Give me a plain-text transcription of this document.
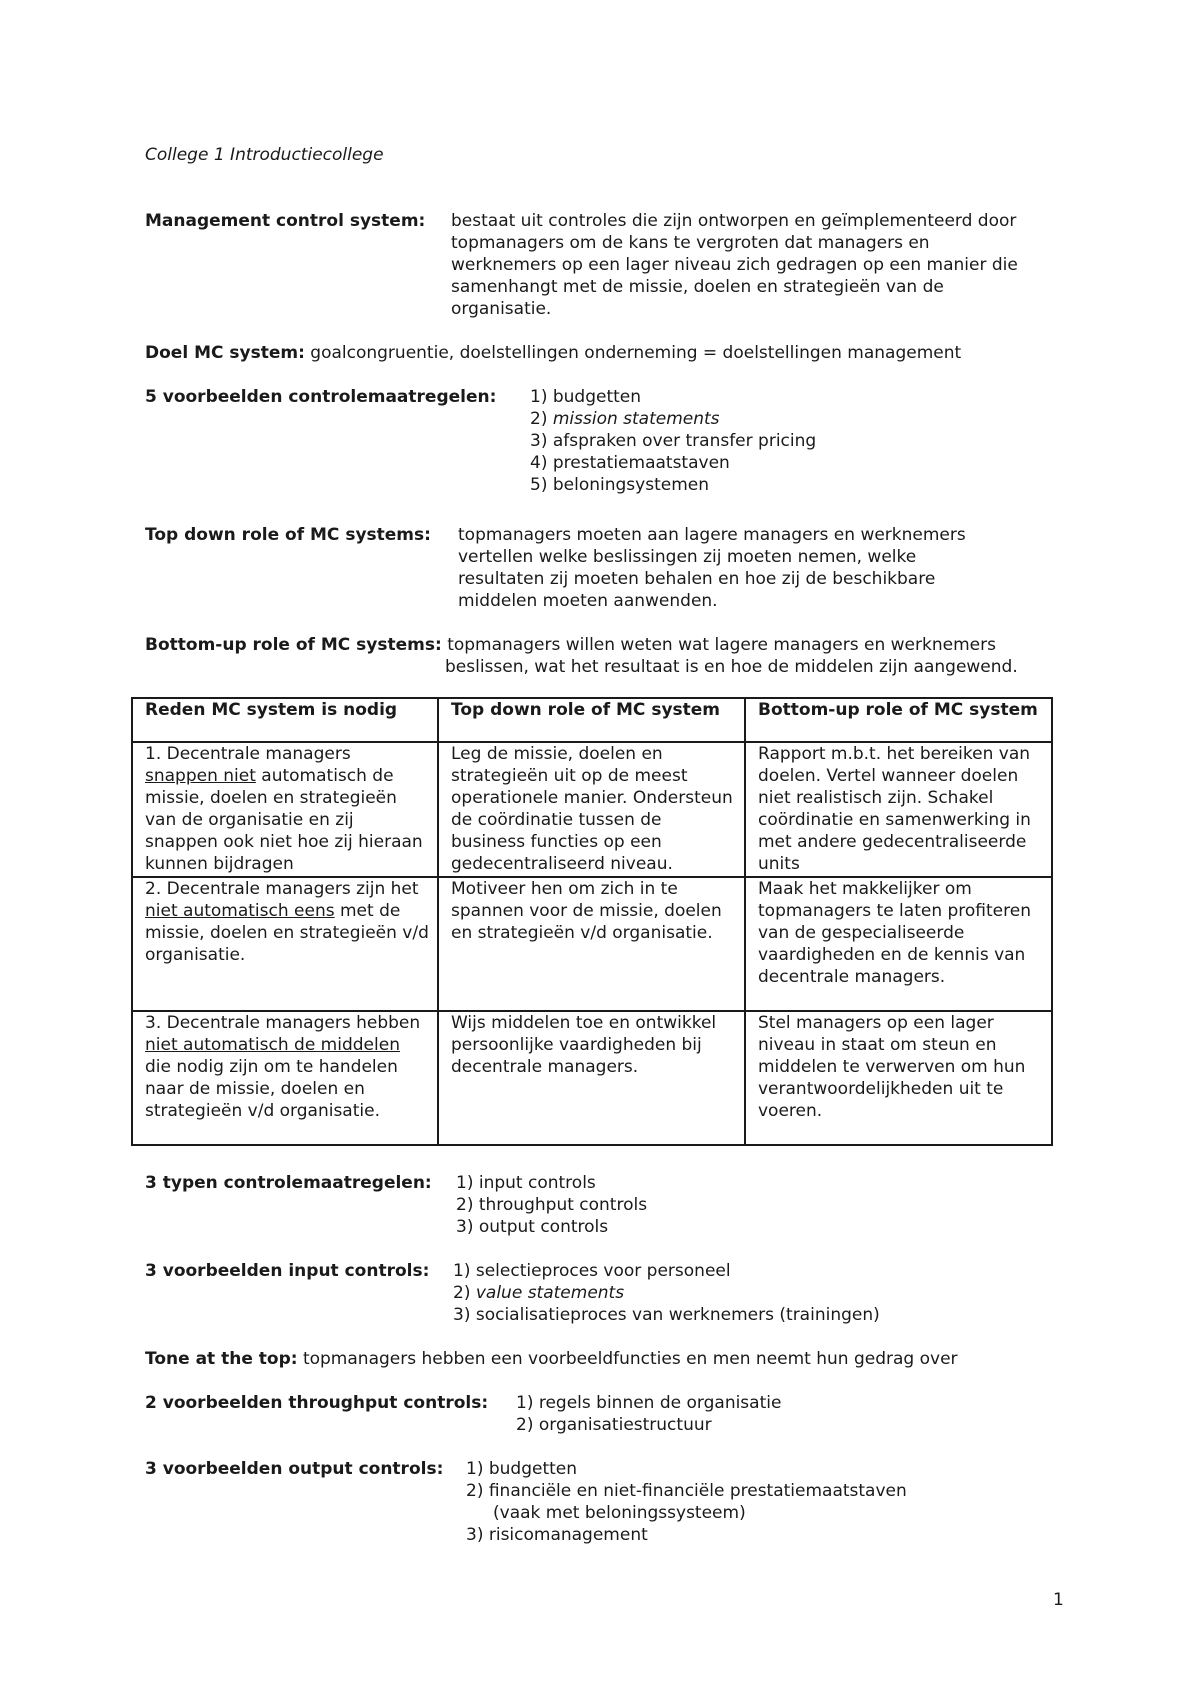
College 1 Introductiecollege
Management control system: bestaat uit controles die zijn ontworpen en geïmplementeerd door
topmanagers om de kans te vergroten dat managers en
werknemers op een lager niveau zich gedragen op een manier die
samenhangt met de missie, doelen en strategieën van de
organisatie.
Doel MC system: goalcongruentie, doelstellingen onderneming = doelstellingen management
5 voorbeelden controlemaatregelen: 1) budgetten
2) mission statements
3) afspraken over transfer pricing
4) prestatiemaatstaven
5) beloningsystemen
Top down role of MC systems: topmanagers moeten aan lagere managers en werknemers
vertellen welke beslissingen zij moeten nemen, welke
resultaten zij moeten behalen en hoe zij de beschikbare
middelen moeten aanwenden.
Bottom-up role of MC systems: topmanagers willen weten wat lagere managers en werknemers
beslissen, wat het resultaat is en hoe de middelen zijn aangewend.
Reden MC system is nodig	Top down role of MC system	Bottom-up role of MC system
1. Decentrale managers
snappen niet automatisch de missie, doelen en strategieën van de organisatie en zij snappen ook niet hoe zij hieraan kunnen bijdragen	Leg de missie, doelen en strategieën uit op de meest operationele manier. Ondersteun de coördinatie tussen de business functies op een gedecentraliseerd niveau.	Rapport m.b.t. het bereiken van doelen. Vertel wanneer doelen niet realistisch zijn. Schakel coördinatie en samenwerking in met andere gedecentraliseerde units
2. Decentrale managers zijn het niet automatisch eens met de missie, doelen en strategieën v/d organisatie.	Motiveer hen om zich in te spannen voor de missie, doelen en strategieën v/d organisatie.	Maak het makkelijker om topmanagers te laten profiteren van de gespecialiseerde vaardigheden en de kennis van decentrale managers.
3. Decentrale managers hebben niet automatisch de middelen die nodig zijn om te handelen naar de missie, doelen en strategieën v/d organisatie.	Wijs middelen toe en ontwikkel persoonlijke vaardigheden bij decentrale managers.	Stel managers op een lager niveau in staat om steun en middelen te verwerven om hun verantwoordelijkheden uit te voeren.
3 typen controlemaatregelen: 1) input controls
2) throughput controls
3) output controls
3 voorbeelden input controls: 1) selectieproces voor personeel
2) value statements
3) socialisatieproces van werknemers (trainingen)
Tone at the top: topmanagers hebben een voorbeeldfuncties en men neemt hun gedrag over
2 voorbeelden throughput controls: 1) regels binnen de organisatie
2) organisatiestructuur
3 voorbeelden output controls: 1) budgetten
2) financiële en niet-financiële prestatiemaatstaven
(vaak met beloningssysteem)
3) risicomanagement
1
